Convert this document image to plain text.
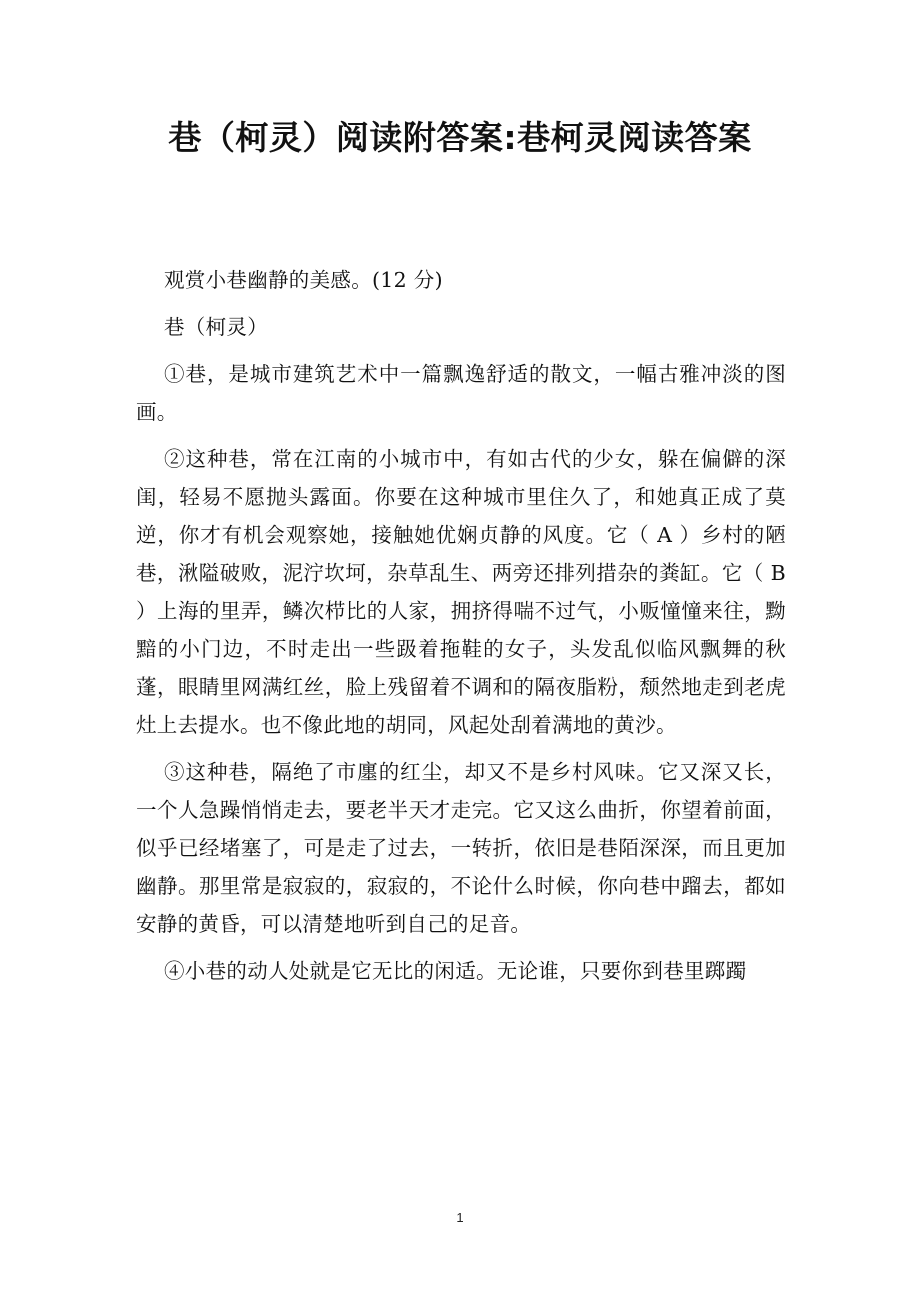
巷（柯灵）阅读附答案:巷柯灵阅读答案

观赏小巷幽静的美感。(12 分)

巷（柯灵）

①巷，是城市建筑艺术中一篇飘逸舒适的散文，一幅古雅冲淡的图画。

②这种巷，常在江南的小城市中，有如古代的少女，躲在偏僻的深闺，轻易不愿抛头露面。你要在这种城市里住久了，和她真正成了莫逆，你才有机会观察她，接触她优娴贞静的风度。它（ A ）乡村的陋巷，湫隘破败，泥泞坎坷，杂草乱生、两旁还排列措杂的粪缸。它（ B ）上海的里弄，鳞次栉比的人家，拥挤得喘不过气，小贩憧憧来往，黝黯的小门边，不时走出一些趿着拖鞋的女子，头发乱似临风飘舞的秋蓬，眼睛里网满红丝，脸上残留着不调和的隔夜脂粉，颓然地走到老虎灶上去提水。也不像此地的胡同，风起处刮着满地的黄沙。

③这种巷，隔绝了市廛的红尘，却又不是乡村风味。它又深又长，一个人急躁悄悄走去，要老半天才走完。它又这么曲折，你望着前面，似乎已经堵塞了，可是走了过去，一转折，依旧是巷陌深深，而且更加幽静。那里常是寂寂的，寂寂的，不论什么时候，你向巷中蹓去，都如安静的黄昏，可以清楚地听到自己的足音。

④小巷的动人处就是它无比的闲适。无论谁，只要你到巷里踯躅

1
